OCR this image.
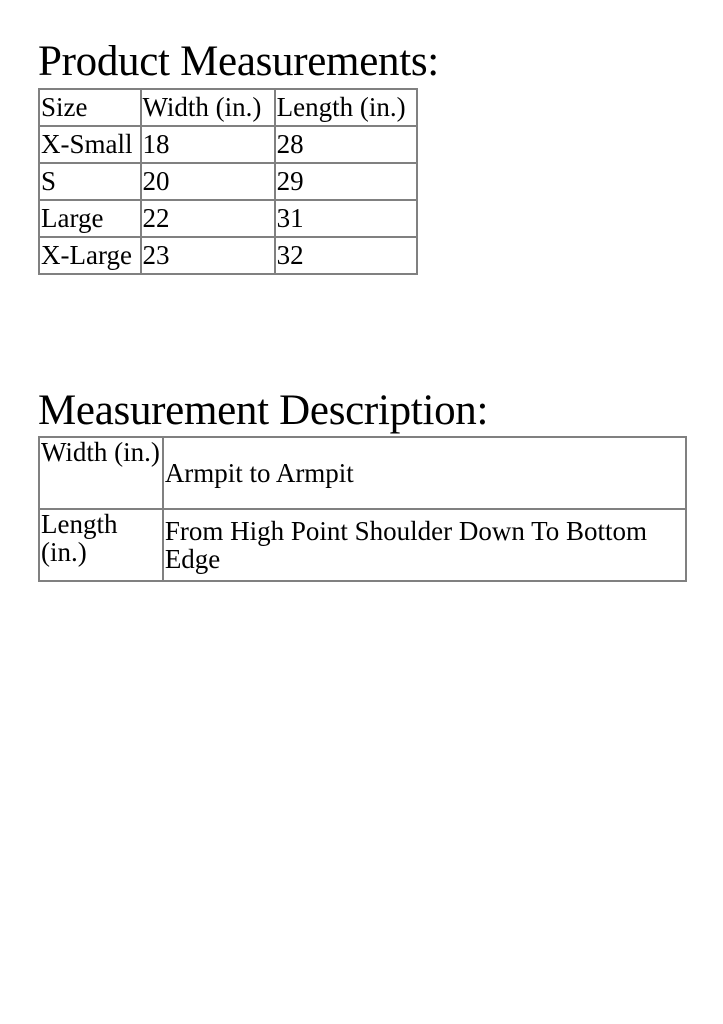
Product Measurements:
Size	Width (in.)	Length (in.)
X-Small	18	28
S	20	29
Large	22	31
X-Large	23	32
Measurement Description:
Width (in.)	Armpit to Armpit
Length (in.)	From High Point Shoulder Down To Bottom Edge
